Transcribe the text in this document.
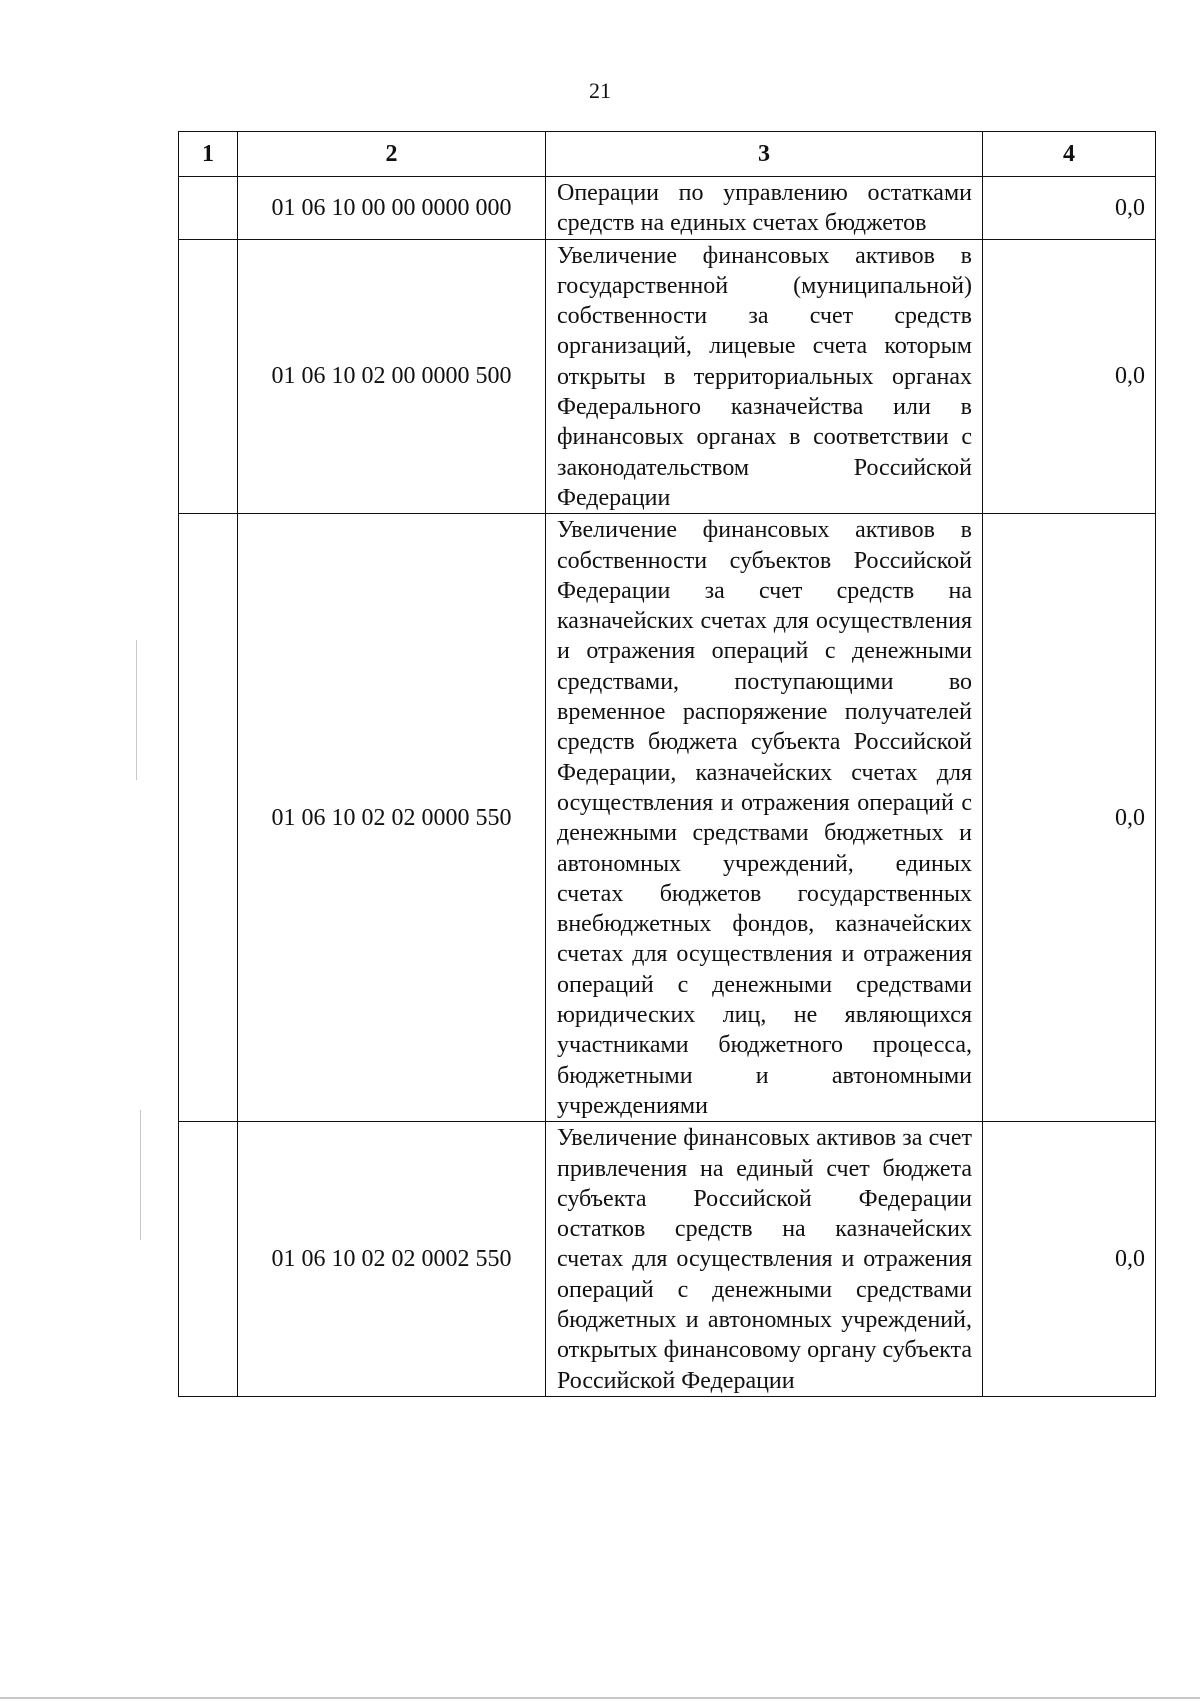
21
1	2	3	4
	01 06 10 00 00 0000 000	Операции по управлению остатками средств на единых счетах бюджетов	0,0
	01 06 10 02 00 0000 500	Увеличение финансовых активов в государственной (муниципальной) собственности за счет средств организаций, лицевые счета которым открыты в территориальных органах Федерального казначейства или в финансовых органах в соответствии с законодательством Российской Федерации	0,0
	01 06 10 02 02 0000 550	Увеличение финансовых активов в собственности субъектов Российской Федерации за счет средств на казначейских счетах для осуществления и отражения операций с денежными средствами, поступающими во временное распоряжение получателей средств бюджета субъекта Российской Федерации, казначейских счетах для осуществления и отражения операций с денежными средствами бюджетных и автономных учреждений, единых счетах бюджетов государственных внебюджетных фондов, казначейских счетах для осуществления и отражения операций с денежными средствами юридических лиц, не являющихся участниками бюджетного процесса, бюджетными и автономными учреждениями	0,0
	01 06 10 02 02 0002 550	Увеличение финансовых активов за счет привлечения на единый счет бюджета субъекта Российской Федерации остатков средств на казначейских счетах для осуществления и отражения операций с денежными средствами бюджетных и автономных учреждений, открытых финансовому органу субъекта Российской Федерации	0,0
